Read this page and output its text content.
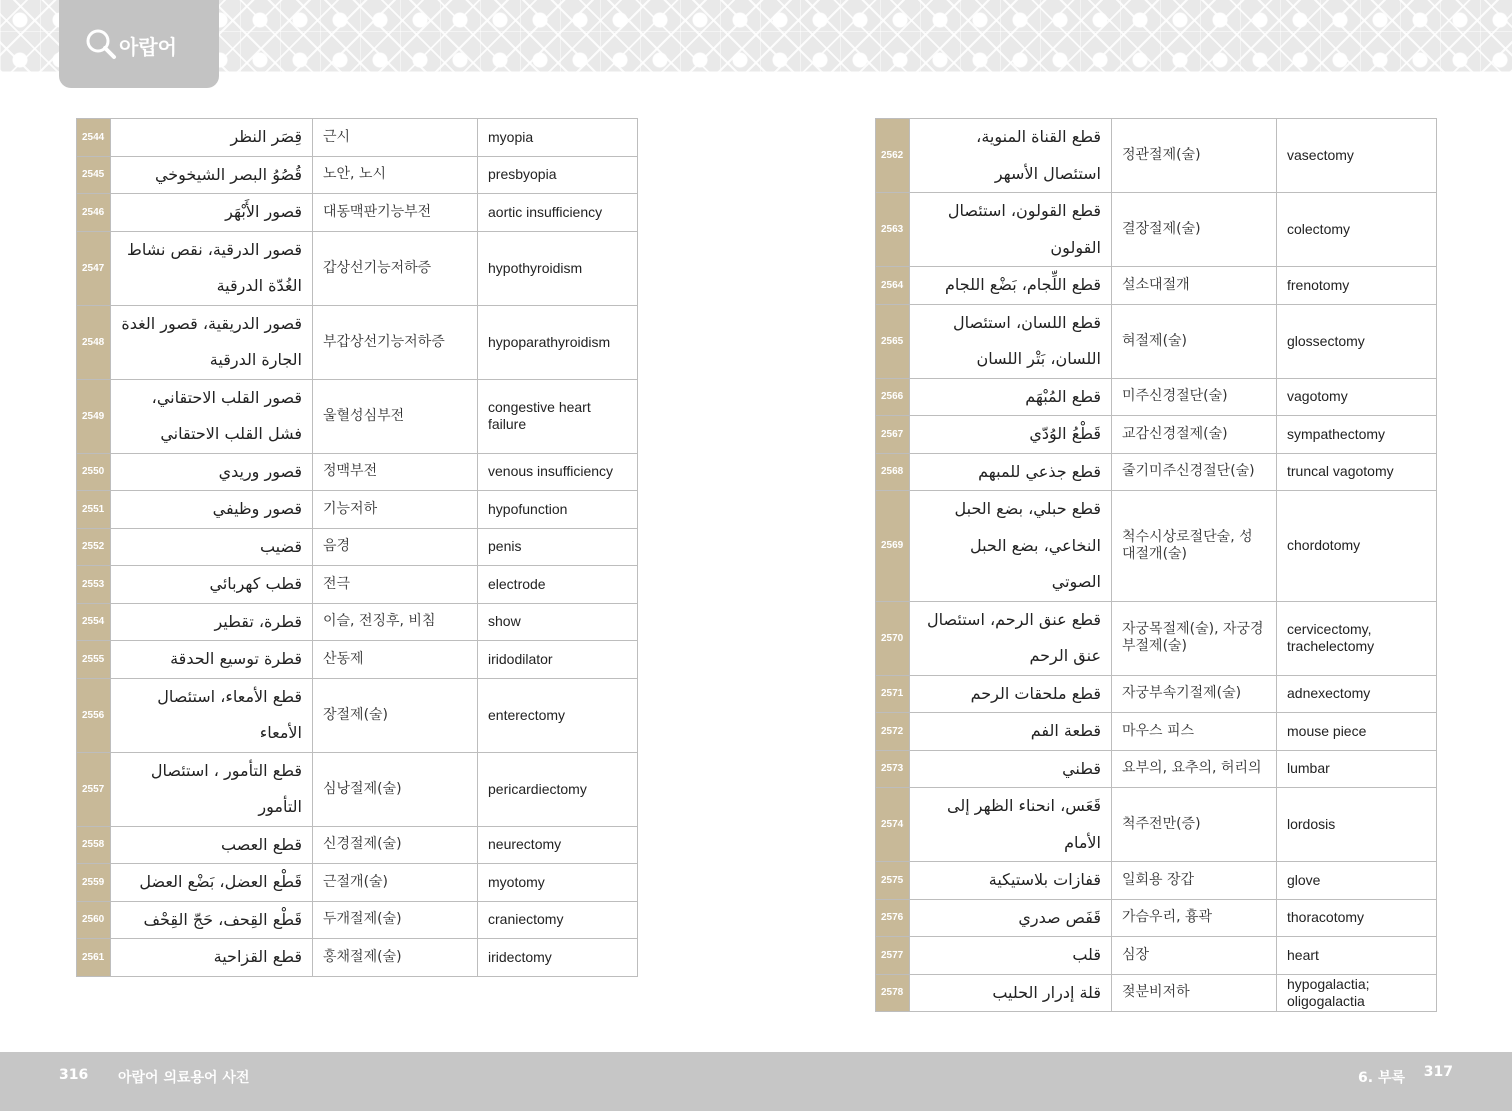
아랍어
2544	قِصَر النظر	근시	myopia
2545	قُصُوُ البصر الشيخوخي	노안, 노시	presbyopia
2546	قصور الأَبْهَر	대동맥판기능부전	aortic insufficiency
2547	قصور الدرقية، نقص نشاط الغُدّة الدرقية	갑상선기능저하증	hypothyroidism
2548	قصور الدريقية، قصور الغدة الجارة الدرقية	부갑상선기능저하증	hypoparathyroidism
2549	قصور القلب الاحتقاني، فشل القلب الاحتقاني	울혈성심부전	congestive heart failure
2550	قصور وريدي	정맥부전	venous insufficiency
2551	قصور وظيفي	기능저하	hypofunction
2552	قضيب	음경	penis
2553	قطب كهربائي	전극	electrode
2554	قطرة، تقطير	이슬, 전징후, 비침	show
2555	قطرة توسيع الحدقة	산동제	iridodilator
2556	قطع الأمعاء، استئصال الأمعاء	장절제(술)	enterectomy
2557	قطع التأمور ، استئصال التأمور	심낭절제(술)	pericardiectomy
2558	قطع العصب	신경절제(술)	neurectomy
2559	قَطْع العضل، بَضْع العضل	근절개(술)	myotomy
2560	قَطْع القِحف، حَجّ القِحْف	두개절제(술)	craniectomy
2561	قطع القزاحية	홍채절제(술)	iridectomy
2562	قطع القناة المنوية، استئصال الأسهر	정관절제(술)	vasectomy
2563	قطع القولون، استئصال القولون	결장절제(술)	colectomy
2564	قطع اللِّجام، بَضْع اللجام	설소대절개	frenotomy
2565	قطع اللسان، استئصال اللسان، بَتْر اللسان	혀절제(술)	glossectomy
2566	قطع المُبْهَم	미주신경절단(술)	vagotomy
2567	قَطْعُ الوُدّي	교감신경절제(술)	sympathectomy
2568	قطع جذعي للمبهم	줄기미주신경절단(술)	truncal vagotomy
2569	قطع حبلي، بضع الحبل النخاعي، بضع الحبل الصوتي	척수시상로절단술, 성대절개(술)	chordotomy
2570	قطع عنق الرحم، استئصال عنق الرحم	자궁목절제(술), 자궁경부절제(술)	cervicectomy, trachelectomy
2571	قطع ملحقات الرحم	자궁부속기절제(술)	adnexectomy
2572	قطعة الفم	마우스 피스	mouse piece
2573	قطني	요부의, 요추의, 허리의	lumbar
2574	قَعَس، انحناء الظهر إلى الأمام	척주전만(증)	lordosis
2575	قفازات بلاستيكية	일회용 장갑	glove
2576	قَفَص صدري	가슴우리, 흉곽	thoracotomy
2577	قلب	심장	heart
2578	قلة إدرار الحليب	젖분비저하	hypogalactia; oligogalactia
316 아랍어 의료용어 사전	6. 부록 317
